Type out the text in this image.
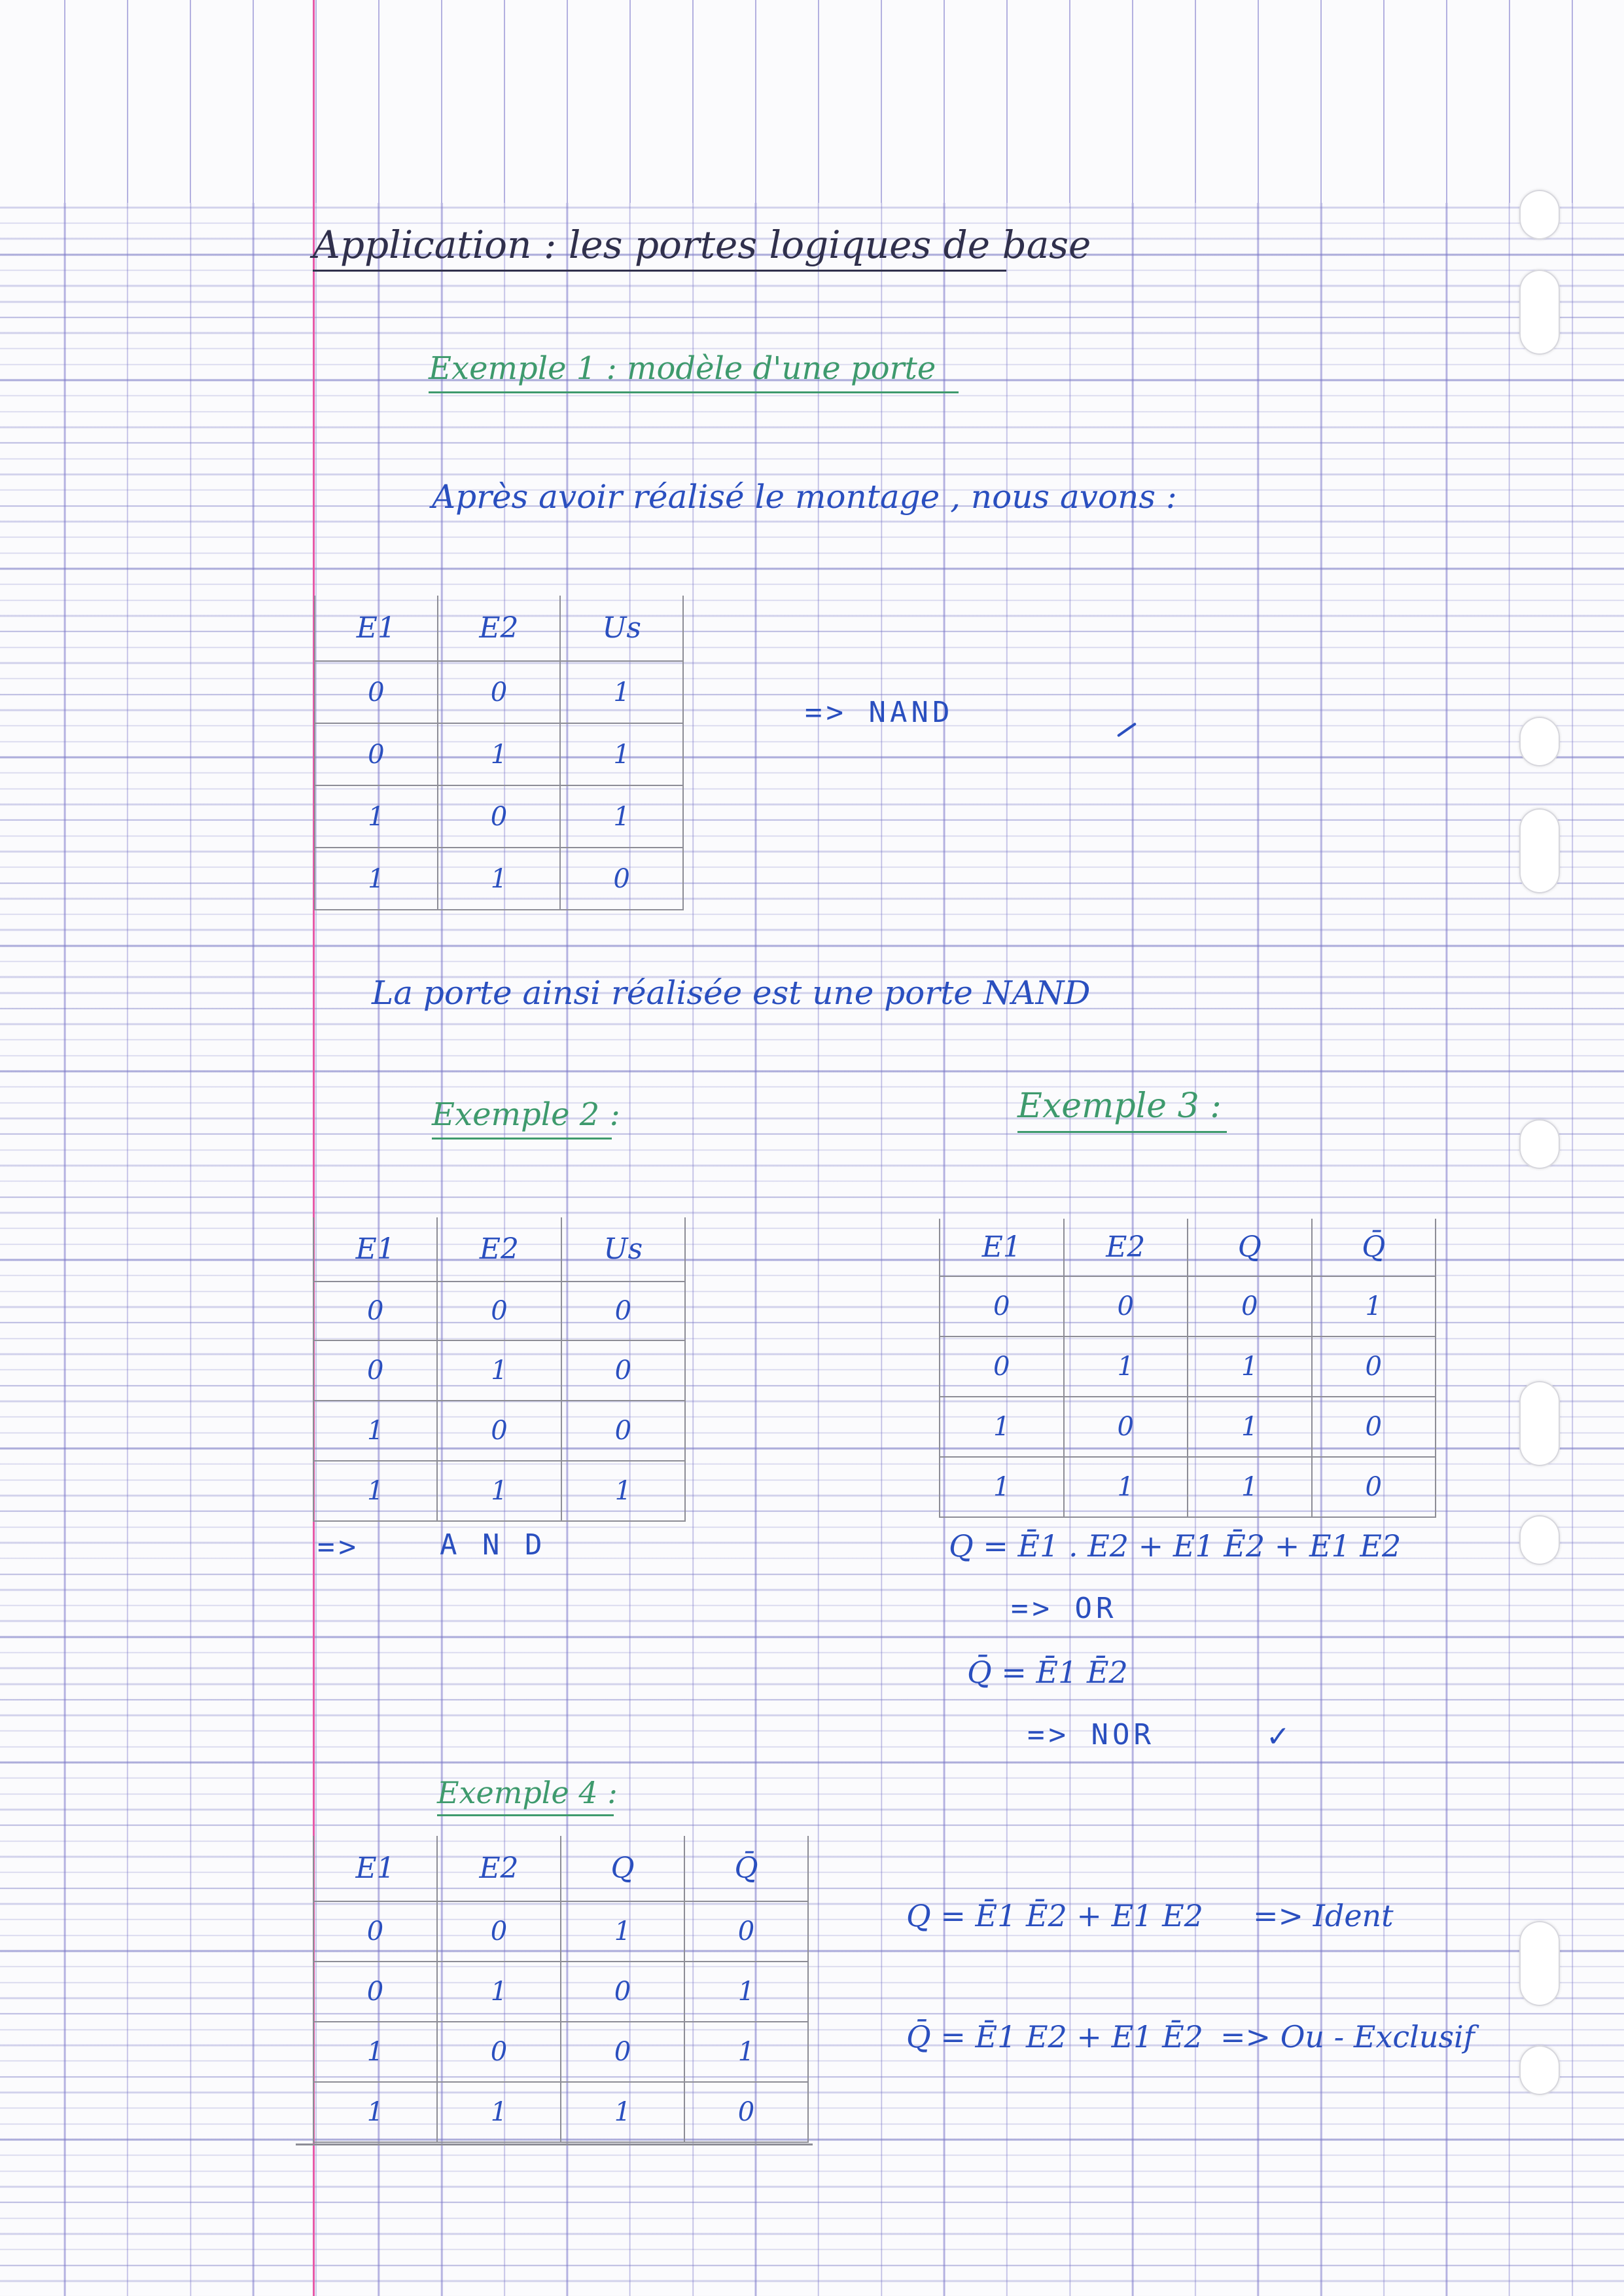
Application : les portes logiques de base
Exemple 1 : modèle d'une porte
Après avoir réalisé le montage , nous avons :
E1	E2	Us
0	0	1
0	1	1
1	0	1
1	1	0
=> NAND
La porte ainsi réalisée est une porte NAND
Exemple 2 :
E1	E2	Us
0	0	0
0	1	0
1	0	0
1	1	1
=>	A N D
Exemple 3 :
E1	E2	Q	Q̄
0	0	0	1
0	1	1	0
1	0	1	0
1	1	1	0
Q = Ē1 . E2 + E1 Ē2 + E1 E2
=> OR
Q̄ = Ē1 Ē2
=> NOR	✓
Exemple 4 :
E1	E2	Q	Q̄
0	0	1	0
0	1	0	1
1	0	0	1
1	1	1	0
Q = Ē1 Ē2 + E1 E2 => Ident
Q̄ = Ē1 E2 + E1 Ē2 => Ou - Exclusif
